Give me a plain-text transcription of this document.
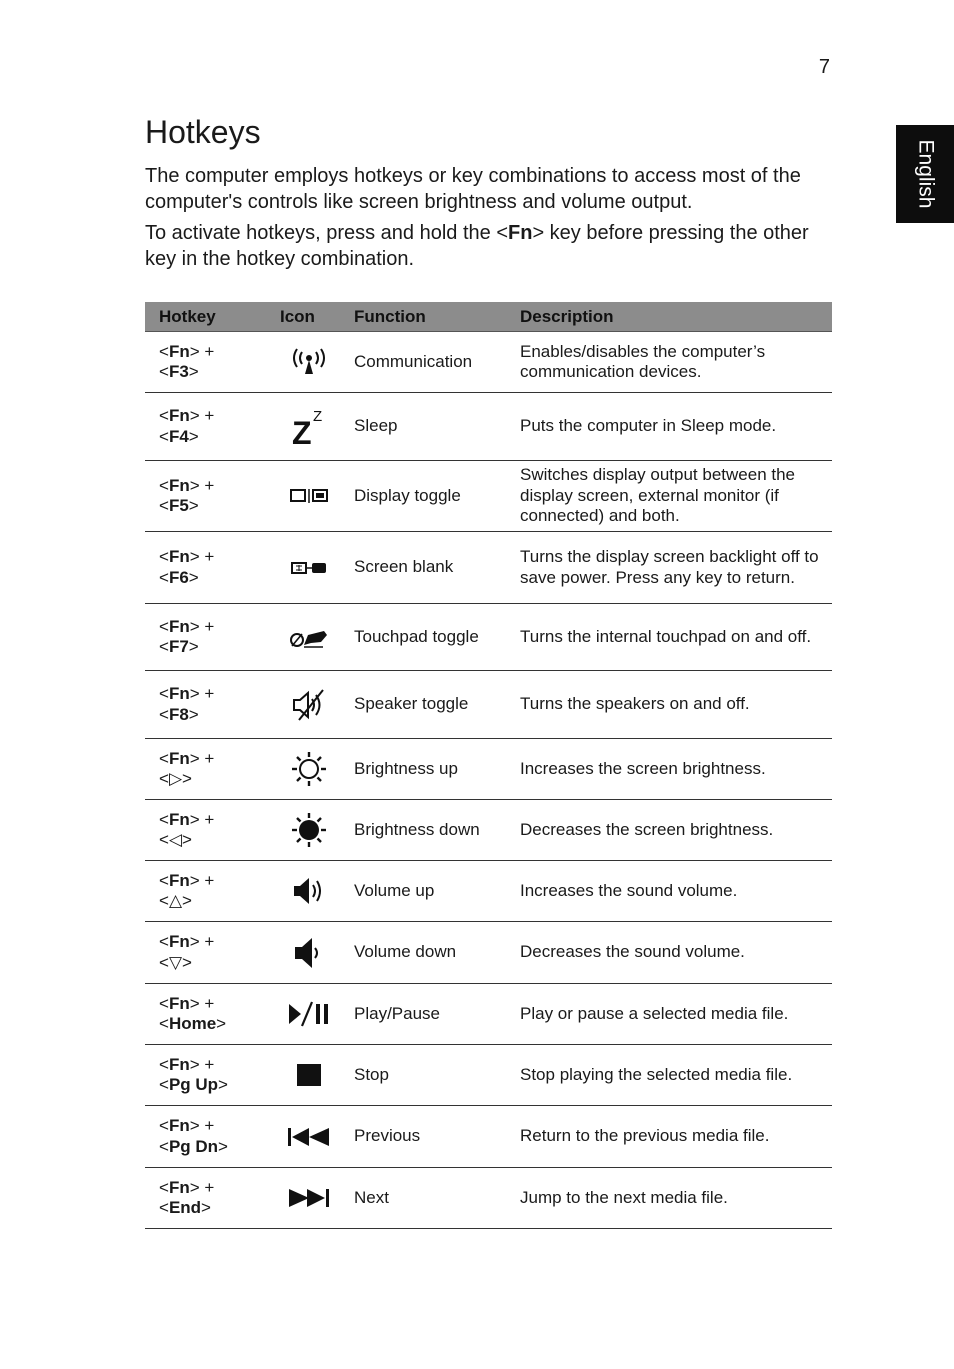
7
English
Hotkeys

The computer employs hotkeys or key combinations to access most of the computer's controls like screen brightness and volume output.

To activate hotkeys, press and hold the <Fn> key before pressing the other key in the hotkey combination.

Hotkey	Icon	Function	Description
<Fn> +
<F3>		Communication	Enables/disables the computer’s communication devices.
<Fn> +
<F4>	Z Z	Sleep	Puts the computer in Sleep mode.
<Fn> +
<F5>		Display toggle	Switches display output between the display screen, external monitor (if connected) and both.
<Fn> +
<F6>		Screen blank	Turns the display screen backlight off to save power. Press any key to return.
<Fn> +
<F7>		Touchpad toggle	Turns the internal touchpad on and off.
<Fn> +
<F8>		Speaker toggle	Turns the speakers on and off.
<Fn> +
<▷>		Brightness up	Increases the screen brightness.
<Fn> +
<◁>		Brightness down	Decreases the screen brightness.
<Fn> +
<△>		Volume up	Increases the sound volume.
<Fn> +
<▽>		Volume down	Decreases the sound volume.
<Fn> +
<Home>		Play/Pause	Play or pause a selected media file.
<Fn> +
<Pg Up>		Stop	Stop playing the selected media file.
<Fn> +
<Pg Dn>		Previous	Return to the previous media file.
<Fn> +
<End>		Next	Jump to the next media file.
